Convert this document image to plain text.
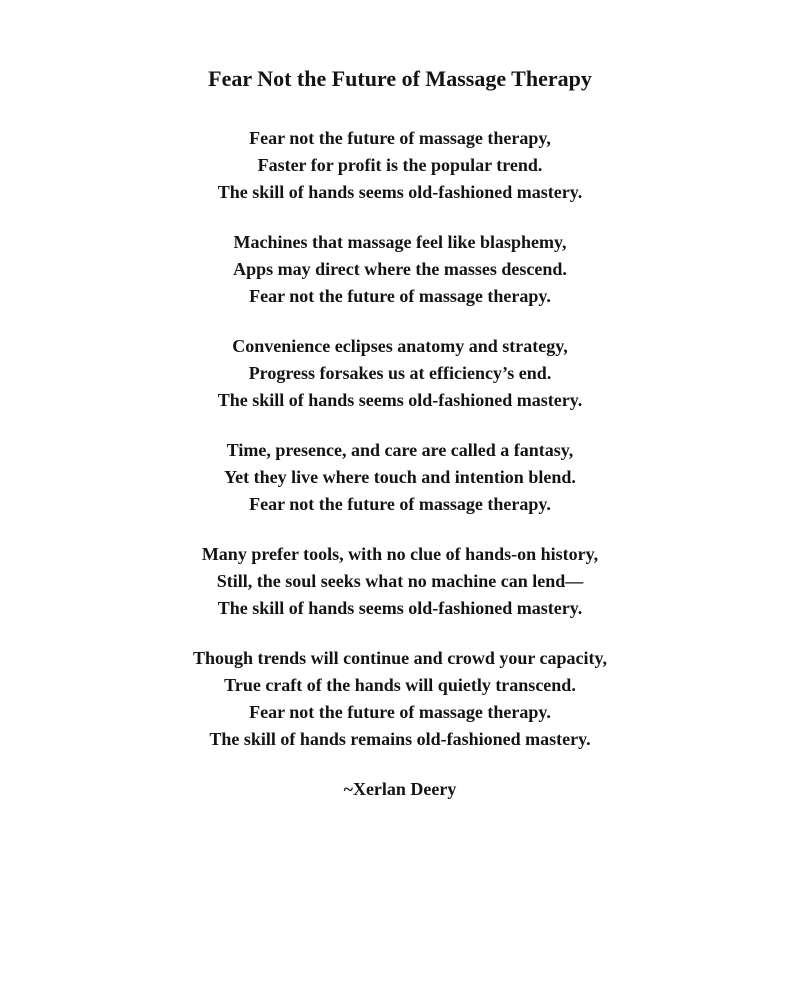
Fear Not the Future of Massage Therapy
Fear not the future of massage therapy,
Faster for profit is the popular trend.
The skill of hands seems old-fashioned mastery.
Machines that massage feel like blasphemy,
Apps may direct where the masses descend.
Fear not the future of massage therapy.
Convenience eclipses anatomy and strategy,
Progress forsakes us at efficiency’s end.
The skill of hands seems old-fashioned mastery.
Time, presence, and care are called a fantasy,
Yet they live where touch and intention blend.
Fear not the future of massage therapy.
Many prefer tools, with no clue of hands-on history,
Still, the soul seeks what no machine can lend—
The skill of hands seems old-fashioned mastery.
Though trends will continue and crowd your capacity,
True craft of the hands will quietly transcend.
Fear not the future of massage therapy.
The skill of hands remains old-fashioned mastery.
~Xerlan Deery
